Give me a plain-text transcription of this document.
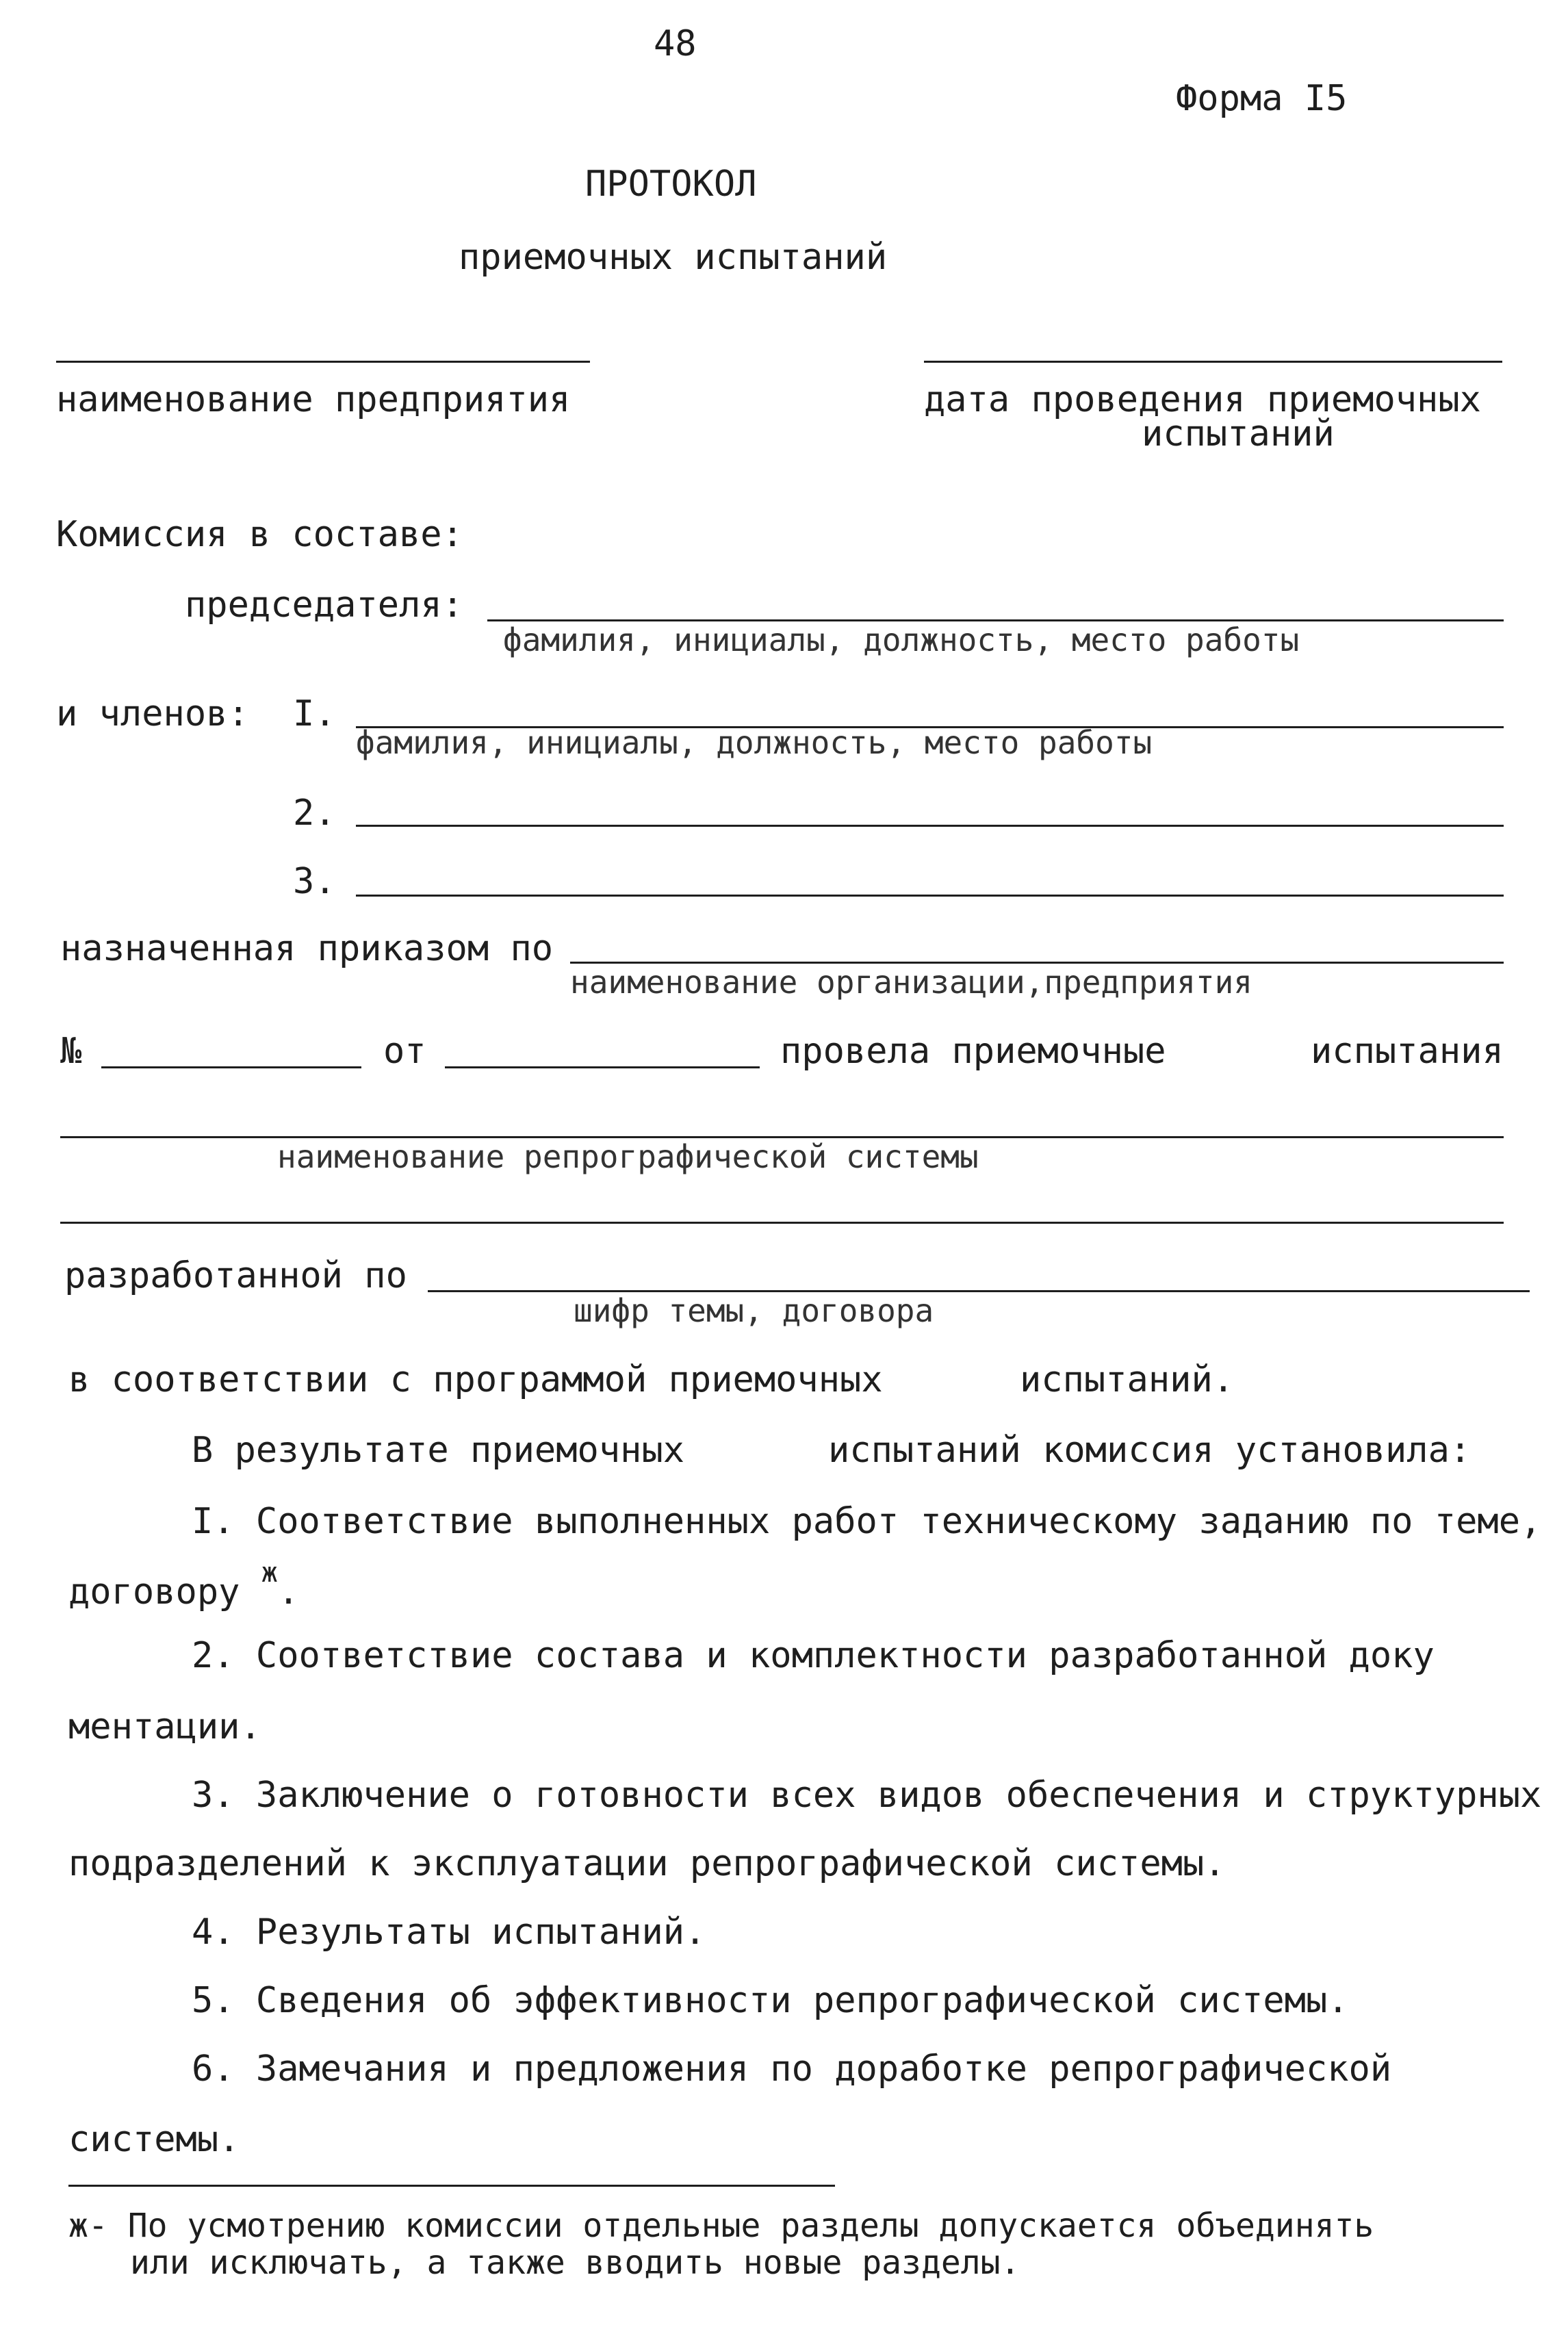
48
Форма I5
ПРОТОКОЛ
приемочных испытаний
наименование предприятия	дата проведения приемочных
испытаний
Комиссия в составе:
председателя:
фамилия, инициалы, должность, место работы
и членов: I.
фамилия, инициалы, должность, место работы
2.
3.
назначенная приказом по
наименование организации,предприятия
№	от	провела приемочные	испытания
наименование репрографической системы
разработанной по
шифр темы, договора
в соответствии с программой приемочных	испытаний.
В результате приемочных	испытаний комиссия установила:
I. Соответствие выполненных работ техническому заданию по теме,
договору $^ж$.
2. Соответствие состава и комплектности разработанной доку
ментации.
3. Заключение о готовности всех видов обеспечения и структурных
подразделений к эксплуатации репрографической системы.
4. Результаты испытаний.
5. Сведения об эффективности репрографической системы.
6. Замечания и предложения по доработке репрографической
системы.
ж- По усмотрению комиссии отдельные разделы допускается объединять
или исключать, а также вводить новые разделы.
